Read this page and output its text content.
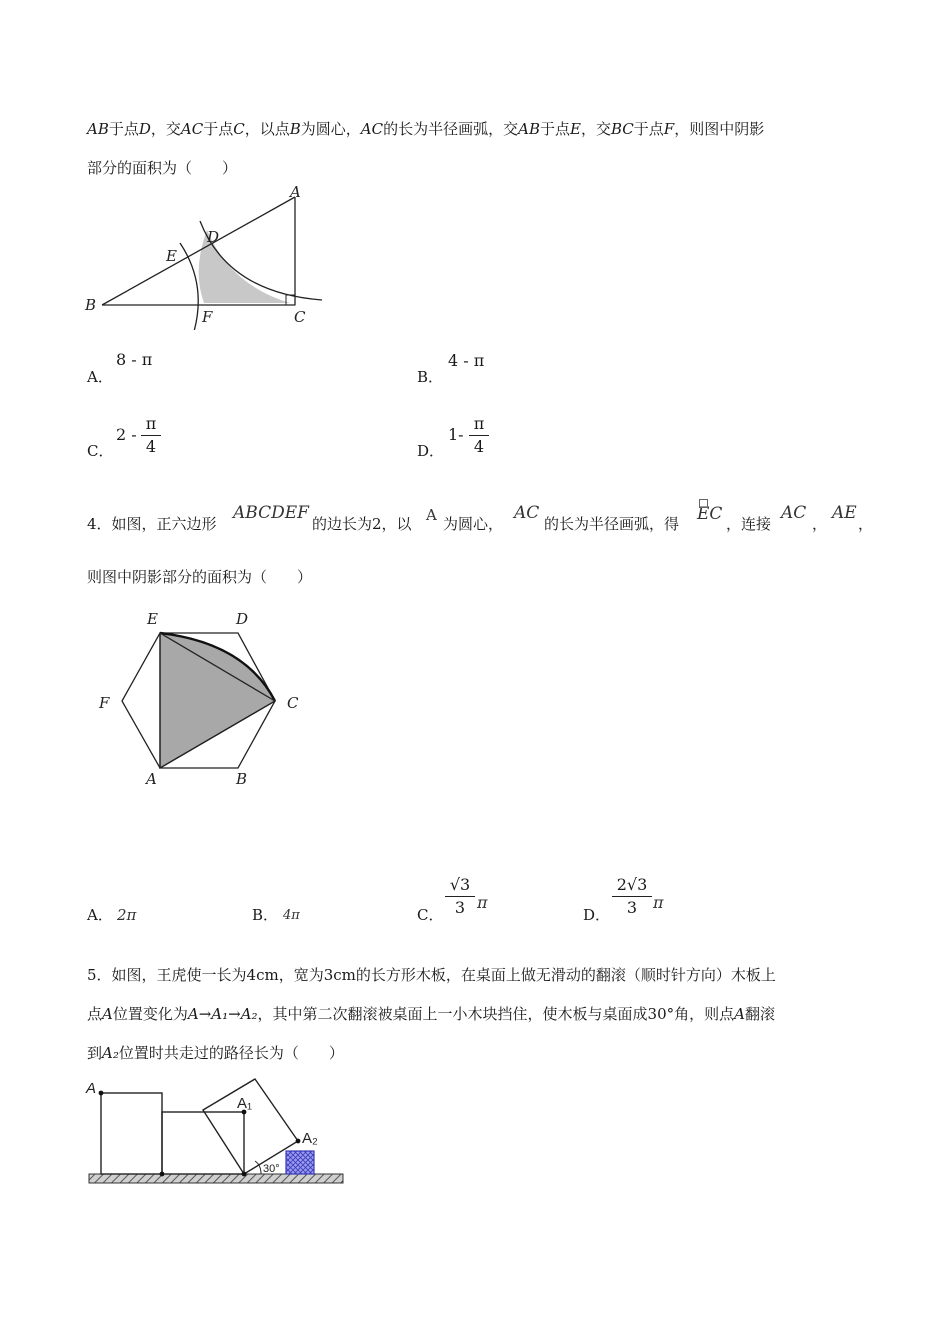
AB于点D，交AC于点C，以点B为圆心，AC的长为半径画弧，交AB于点E，交BC于点F，则图中阴影
部分的面积为（　　）
A
B
C
D
E
F
A．
8 - π
B．
4 - π
C．
2 -
π
4	D．
1-
π
4
4．如图，正六边形
ABCDEF
的边长为2，以 A 为圆心，
AC
的长为半径画弧，得 EC ，连接
AC
，
AE
，
则图中阴影部分的面积为（　　）
E	D
F	C
A	B
A． 2π	B． 4π	C．
√3
3 π
D．
2√3
3 π
5．如图，王虎使一长为4cm，宽为3cm的长方形木板，在桌面上做无滑动的翻滚（顺时针方向）木板上
点A位置变化为A→A₁→A₂，其中第二次翻滚被桌面上一小木块挡住，使木板与桌面成30°角，则点A翻滚
到A₂位置时共走过的路径长为（　　）
A
A₁
A₂
30°
